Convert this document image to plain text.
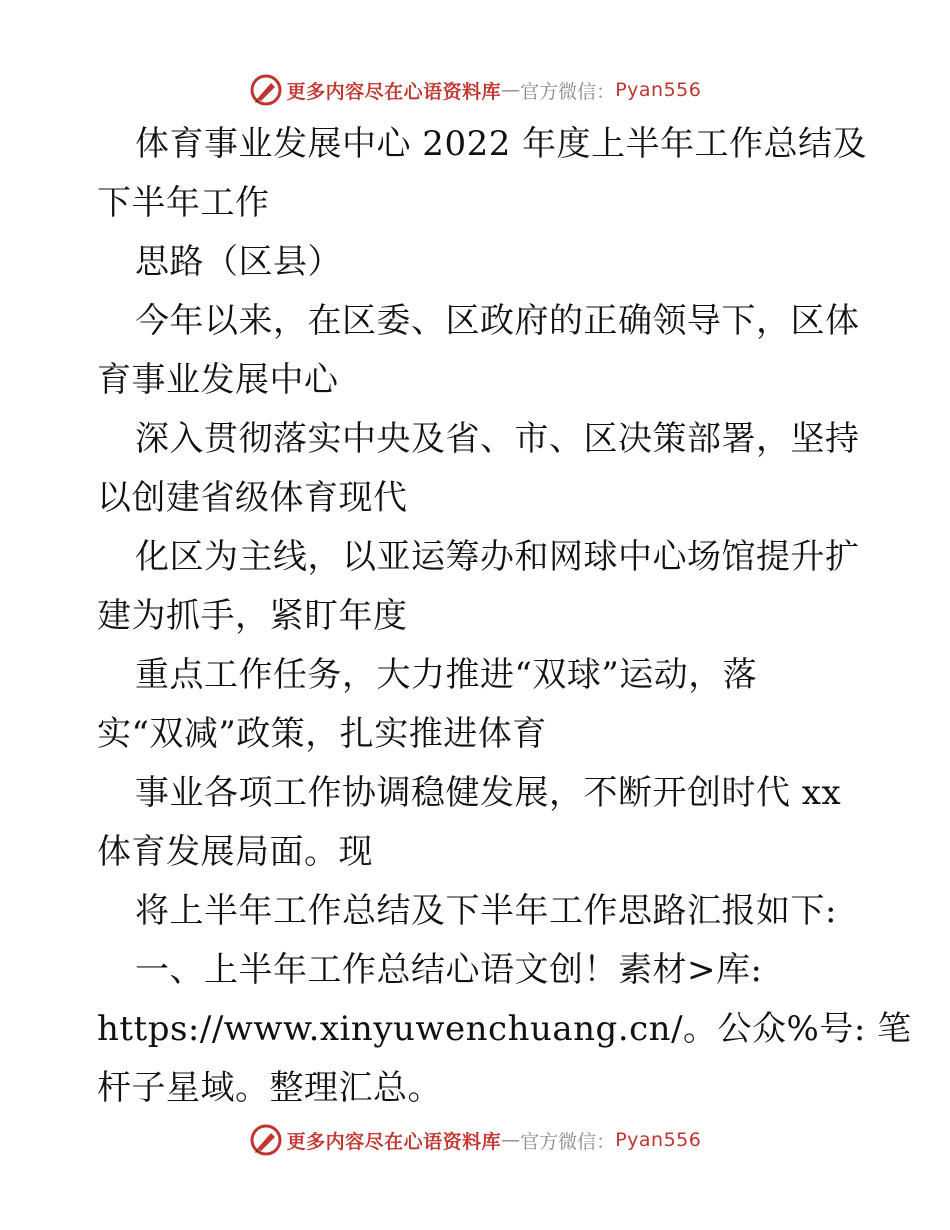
更多内容尽在心语资料库 — 官方微信： Pyan556
体育事业发展中心 2022 年度上半年工作总结及
下半年工作
思路（区县）
今年以来，在区委、区政府的正确领导下，区体
育事业发展中心
深入贯彻落实中央及省、市、区决策部署，坚持
以创建省级体育现代
化区为主线，以亚运筹办和网球中心场馆提升扩
建为抓手，紧盯年度
重点工作任务，大力推进“双球”运动，落
实“双减”政策，扎实推进体育
事业各项工作协调稳健发展，不断开创时代 xx
体育发展局面。现
将上半年工作总结及下半年工作思路汇报如下:
一、上半年工作总结心语文创！素材>库:
https://www.xinyuwenchuang.cn/。公众%号: 笔
杆子星域。整理汇总。
更多内容尽在心语资料库 — 官方微信： Pyan556
